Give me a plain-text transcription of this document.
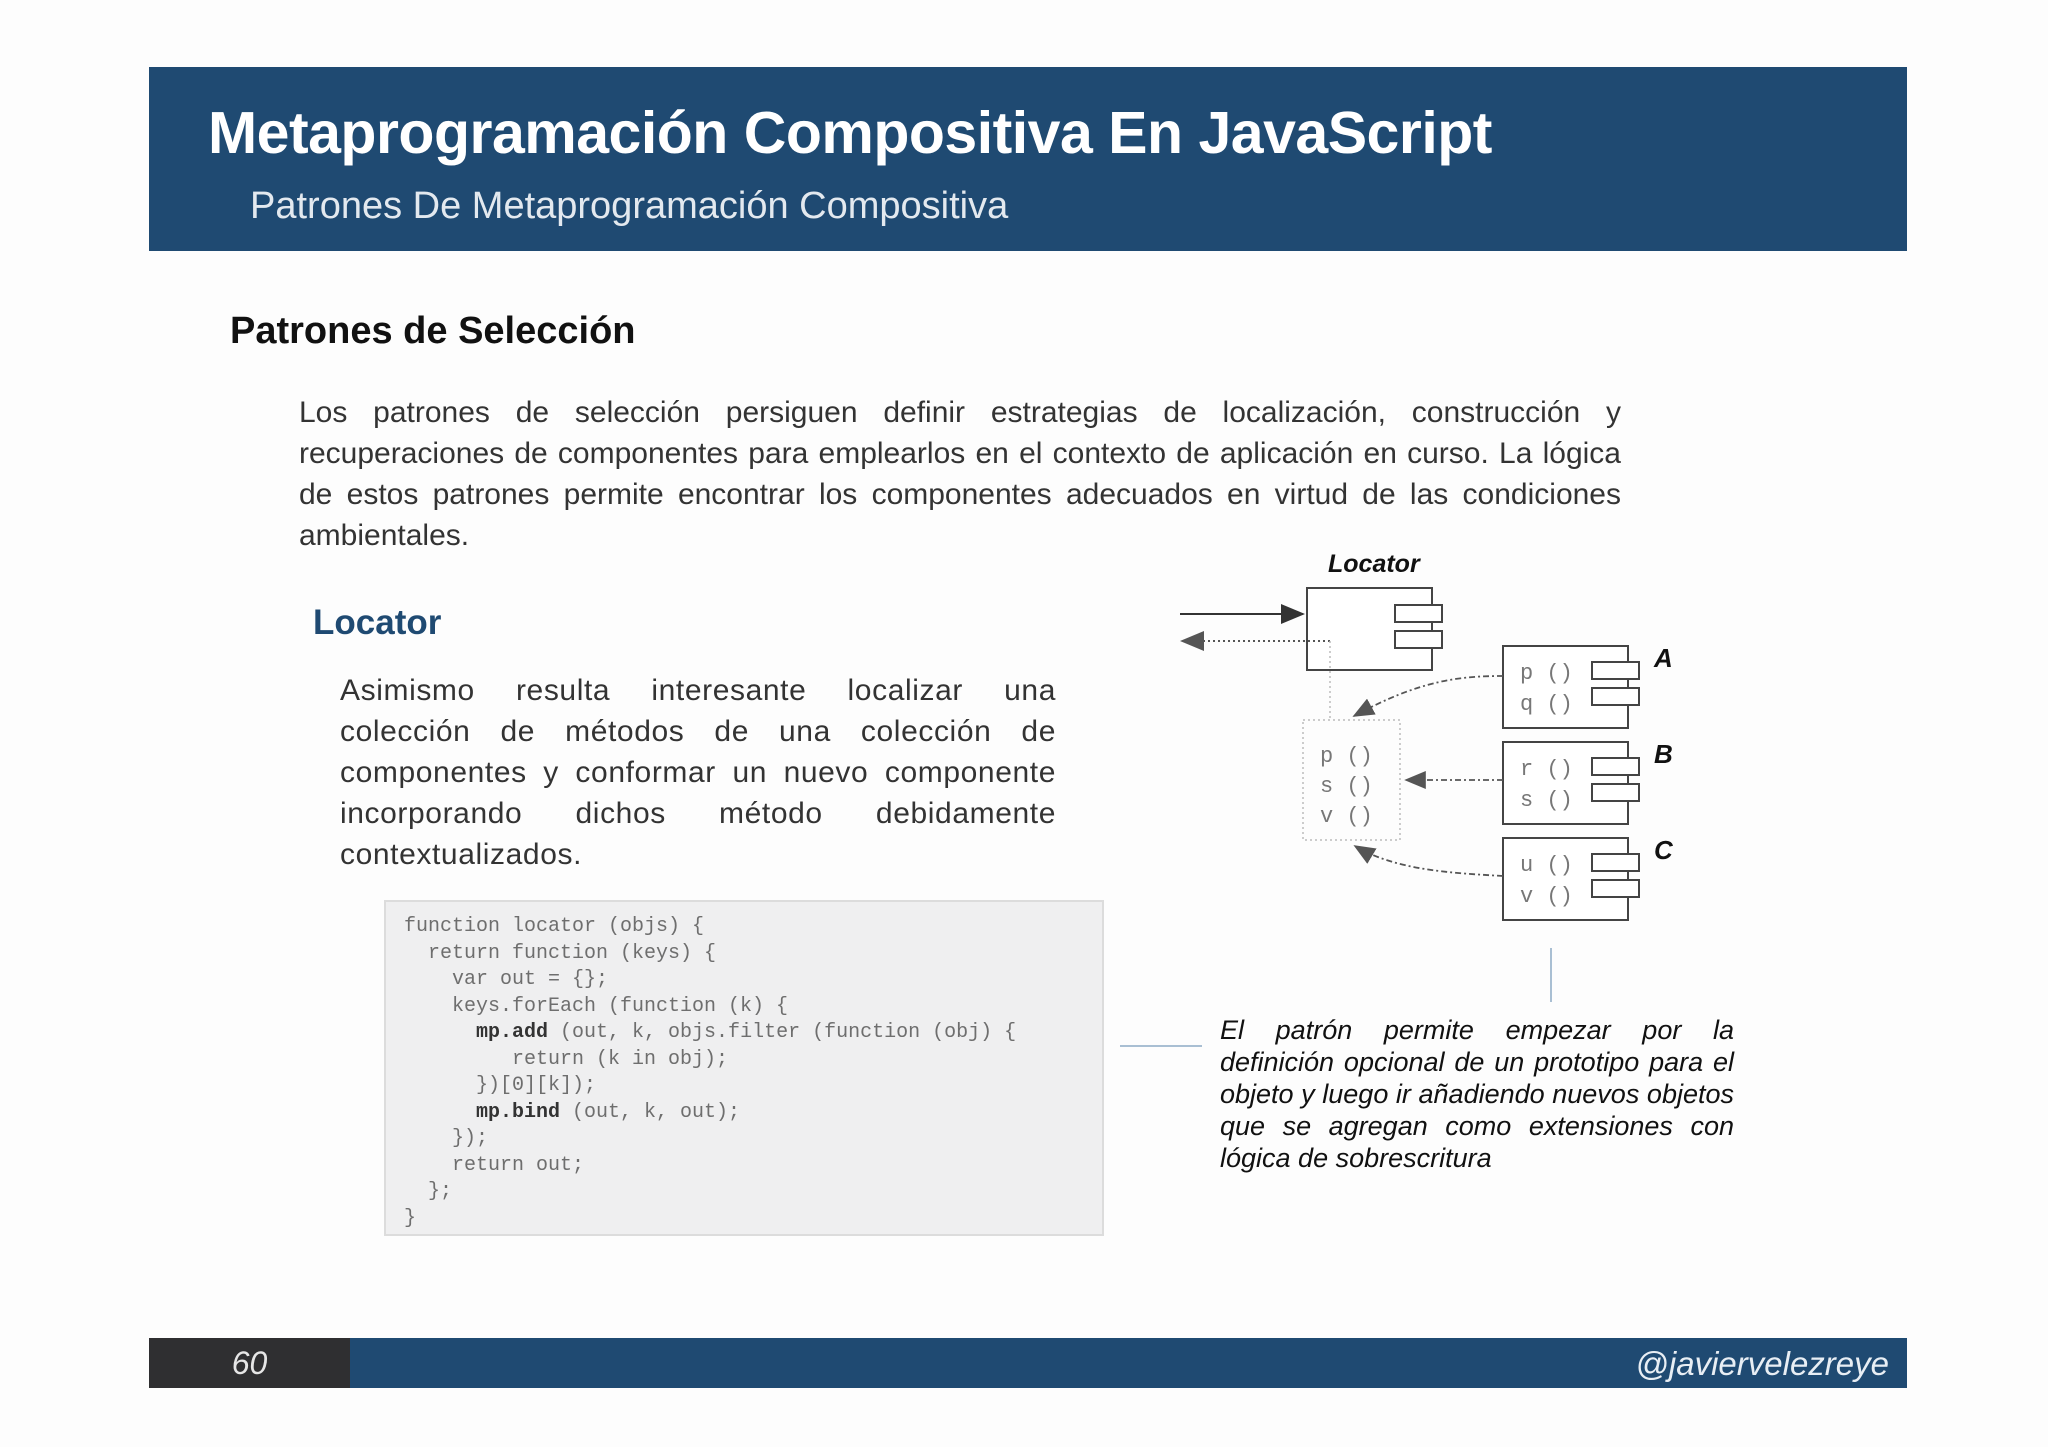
Metaprogramación Compositiva En JavaScript
Patrones De Metaprogramación Compositiva
Patrones de Selección
Los patrones de selección persiguen definir estrategias de localización, construcción y recuperaciones de componentes para emplearlos en el contexto de aplicación en curso. La lógica de estos patrones permite encontrar los componentes adecuados en virtud de las condiciones ambientales.
Locator
Asimismo resulta interesante localizar una colección de métodos de una colección de componentes y conformar un nuevo componente incorporando dichos método debidamente contextualizados.
function locator (objs) {
return function (keys) {
var out = {};
keys.forEach (function (k) {
mp.add (out, k, objs.filter (function (obj) {
return (k in obj);
})[0][k]);
mp.bind (out, k, out);
});
return out;
};
}
El patrón permite empezar por la definición opcional de un prototipo para el objeto y luego ir añadiendo nuevos objetos que se agregan como extensiones con lógica de sobrescritura
Locator
p ()
s ()
v ()
p ()
q ()
A
r ()
s ()
B
u ()
v ()
C
60	@javiervelezreye
